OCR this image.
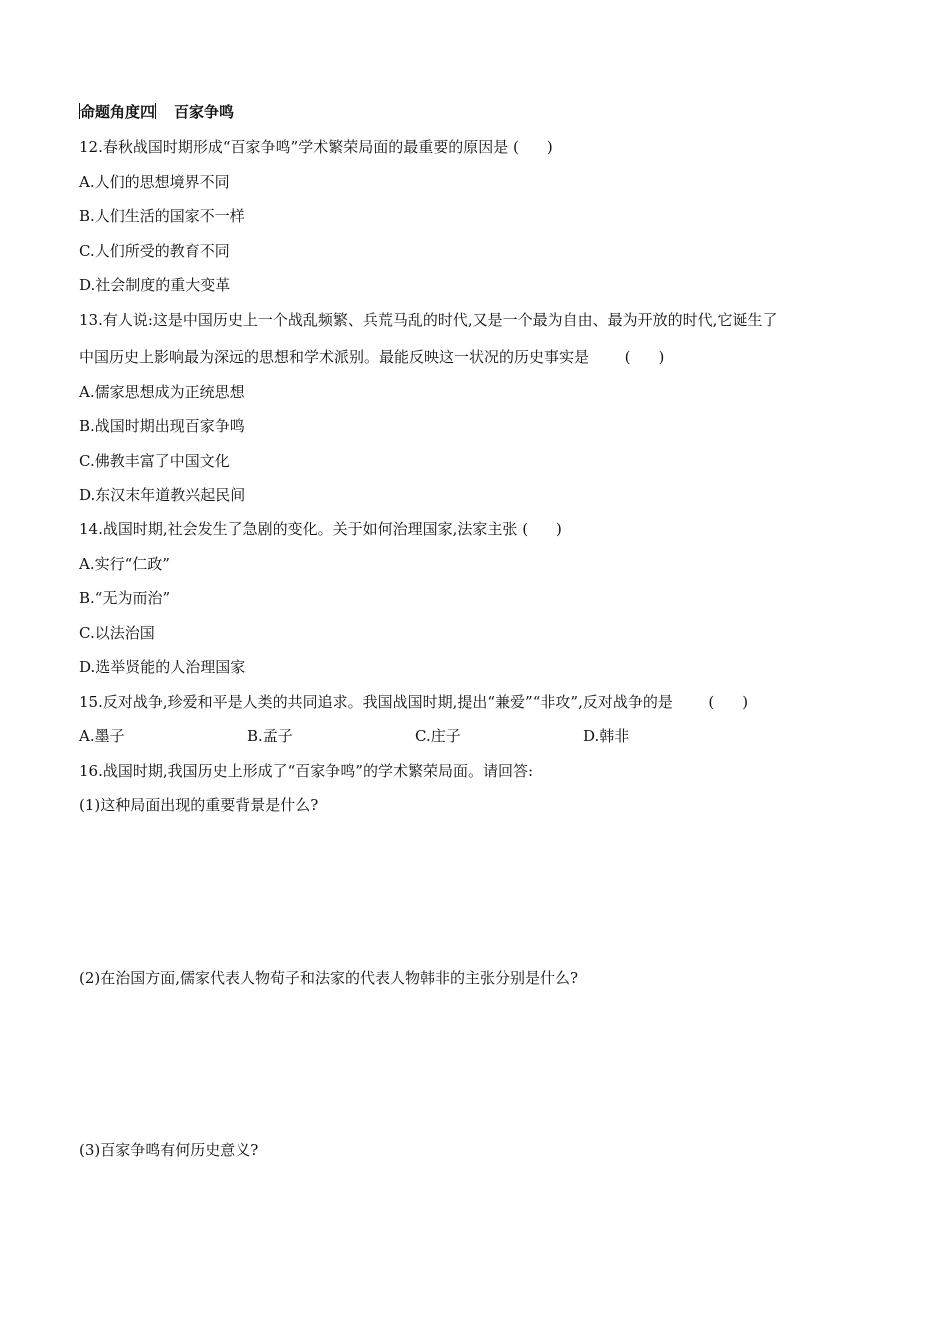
命题角度四 百家争鸣
12.春秋战国时期形成“百家争鸣”学术繁荣局面的最重要的原因是 ( )
A.人们的思想境界不同
B.人们生活的国家不一样
C.人们所受的教育不同
D.社会制度的重大变革
13.有人说:这是中国历史上一个战乱频繁、兵荒马乱的时代,又是一个最为自由、最为开放的时代,它诞生了
中国历史上影响最为深远的思想和学术派别。最能反映这一状况的历史事实是 ( )
A.儒家思想成为正统思想
B.战国时期出现百家争鸣
C.佛教丰富了中国文化
D.东汉末年道教兴起民间
14.战国时期,社会发生了急剧的变化。关于如何治理国家,法家主张 ( )
A.实行“仁政”
B.“无为而治”
C.以法治国
D.选举贤能的人治理国家
15.反对战争,珍爱和平是人类的共同追求。我国战国时期,提出“兼爱”“非攻”,反对战争的是 ( )
A.墨子	B.孟子	C.庄子	D.韩非
16.战国时期,我国历史上形成了“百家争鸣”的学术繁荣局面。请回答:
(1)这种局面出现的重要背景是什么?
(2)在治国方面,儒家代表人物荀子和法家的代表人物韩非的主张分别是什么?
(3)百家争鸣有何历史意义?
